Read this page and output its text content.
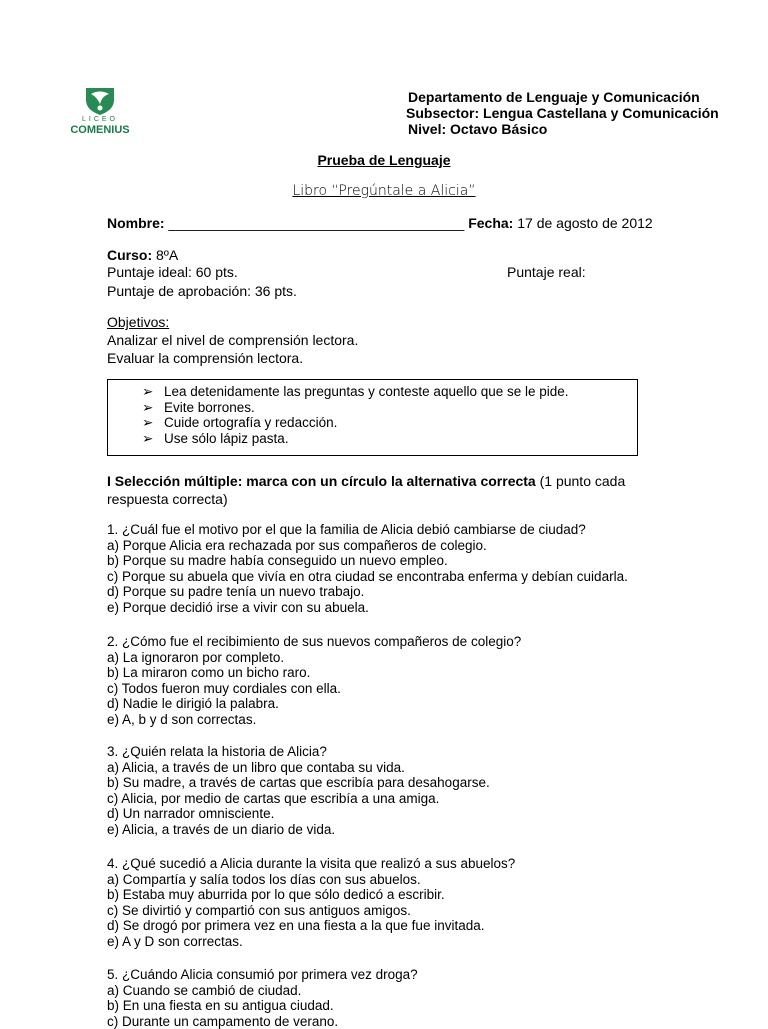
LICEO
COMENIUS
Departamento de Lenguaje y Comunicación
Subsector: Lengua Castellana y Comunicación
Nivel: Octavo Básico
Prueba de Lenguaje
Libro “Pregúntale a Alicia”
Nombre: ______________________________________ Fecha: 17 de agosto de 2012
Curso: 8ºA
Puntaje ideal: 60 pts.	Puntaje real:
Puntaje de aprobación: 36 pts.
Objetivos:
Analizar el nivel de comprensión lectora.
Evaluar la comprensión lectora.
➢ Lea detenidamente las preguntas y conteste aquello que se le pide.
➢ Evite borrones.
➢ Cuide ortografía y redacción.
➢ Use sólo lápiz pasta.
I Selección múltiple: marca con un círculo la alternativa correcta (1 punto cada respuesta correcta)
1. ¿Cuál fue el motivo por el que la familia de Alicia debió cambiarse de ciudad?
a) Porque Alicia era rechazada por sus compañeros de colegio.
b) Porque su madre había conseguido un nuevo empleo.
c) Porque su abuela que vivía en otra ciudad se encontraba enferma y debían cuidarla.
d) Porque su padre tenía un nuevo trabajo.
e) Porque decidió irse a vivir con su abuela.
2. ¿Cómo fue el recibimiento de sus nuevos compañeros de colegio?
a) La ignoraron por completo.
b) La miraron como un bicho raro.
c) Todos fueron muy cordiales con ella.
d) Nadie le dirigió la palabra.
e) A, b y d son correctas.
3. ¿Quién relata la historia de Alicia?
a) Alicia, a través de un libro que contaba su vida.
b) Su madre, a través de cartas que escribía para desahogarse.
c) Alicia, por medio de cartas que escribía a una amiga.
d) Un narrador omnisciente.
e) Alicia, a través de un diario de vida.
4. ¿Qué sucedió a Alicia durante la visita que realizó a sus abuelos?
a) Compartía y salía todos los días con sus abuelos.
b) Estaba muy aburrida por lo que sólo dedicó a escribir.
c) Se divirtió y compartió con sus antiguos amigos.
d) Se drogó por primera vez en una fiesta a la que fue invitada.
e) A y D son correctas.
5. ¿Cuándo Alicia consumió por primera vez droga?
a) Cuando se cambió de ciudad.
b) En una fiesta en su antigua ciudad.
c) Durante un campamento de verano.
